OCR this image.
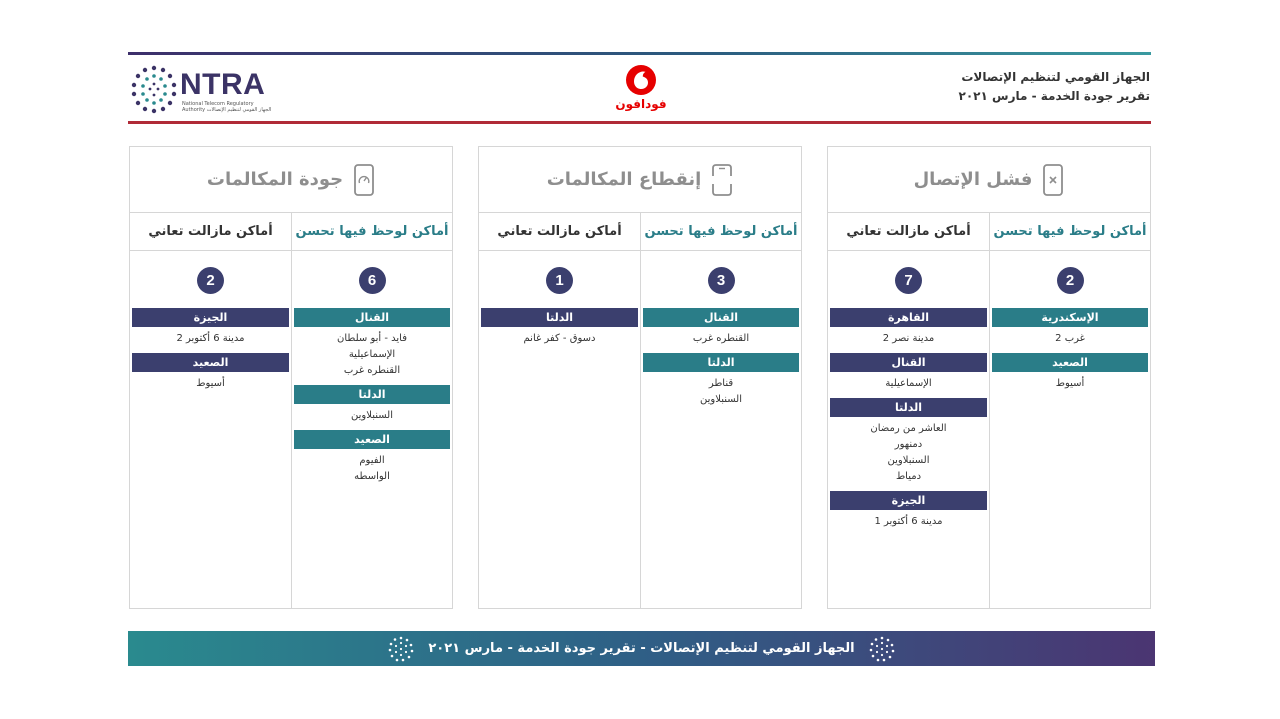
NTRA
National Telecom Regulatory Authority الجهاز القومي لتنظيم الإتصالات	فودافون
الجهاز القومي لتنظيم الإتصالات
تقرير جودة الخدمة - مارس ٢٠٢١
فشل الإتصال
أماكن لوحظ فيها تحسن
2
الإسكندرية
غرب 2
الصعيد
أسيوط
أماكن مازالت تعاني
7
القاهرة
مدينة نصر 2
القنال
الإسماعيلية
الدلتا
العاشر من رمضان
دمنهور
السنبلاوين
دمياط
الجيزة
مدينة 6 أكتوبر 1
إنقطاع المكالمات
أماكن لوحظ فيها تحسن
3
القنال
القنطره غرب
الدلتا
قناطر
السنبلاوين
أماكن مازالت تعاني
1
الدلتا
دسوق - كفر غانم
جودة المكالمات
أماكن لوحظ فيها تحسن
6
القنال
فايد - أبو سلطان
الإسماعيلية
القنطره غرب
الدلتا
السنبلاوين
الصعيد
الفيوم
الواسطه
أماكن مازالت تعاني
2
الجيزة
مدينة 6 أكتوبر 2
الصعيد
أسيوط
الجهاز القومي لتنظيم الإتصالات - تقرير جودة الخدمة - مارس ٢٠٢١
